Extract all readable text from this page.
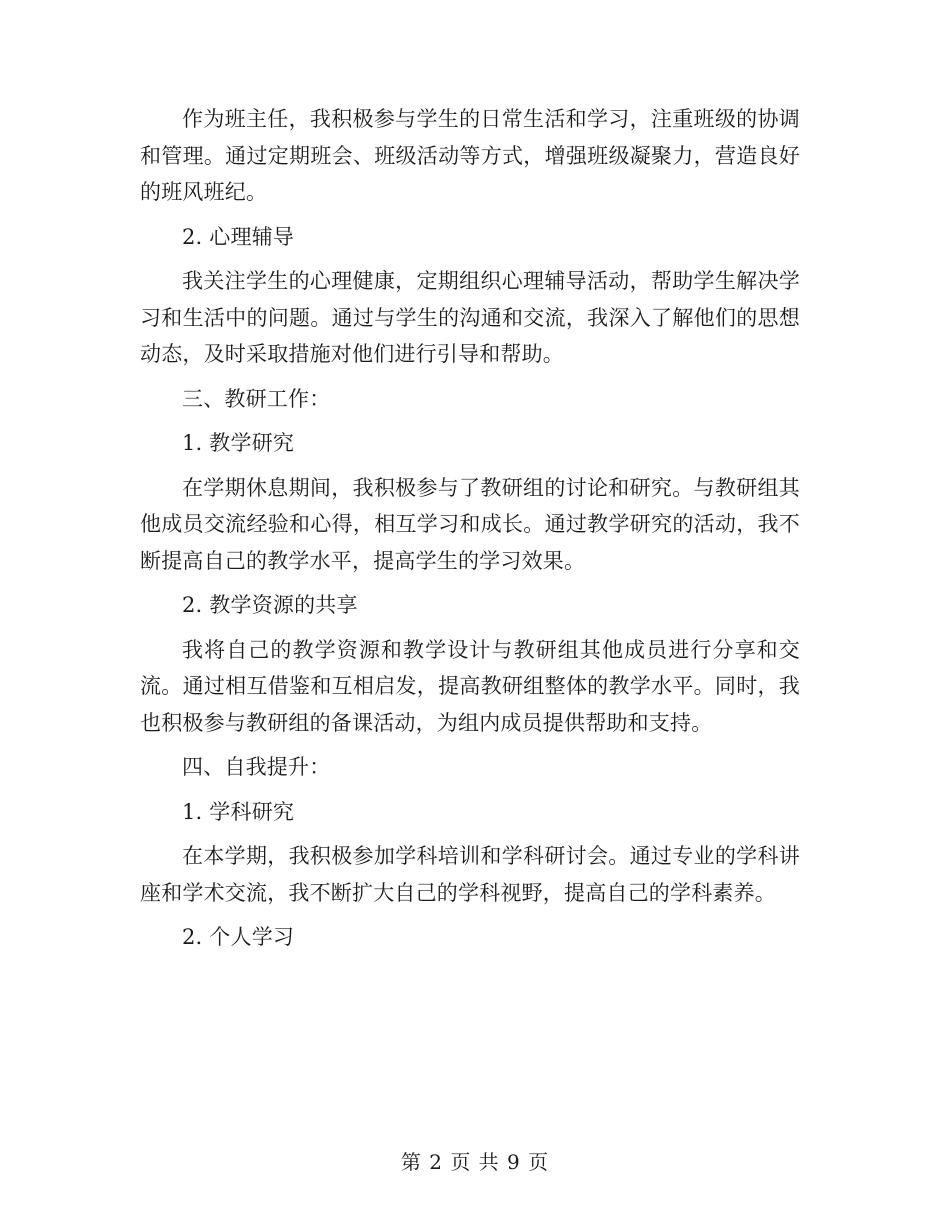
作为班主任，我积极参与学生的日常生活和学习，注重班级的协调和管理。通过定期班会、班级活动等方式，增强班级凝聚力，营造良好的班风班纪。

2. 心理辅导

我关注学生的心理健康，定期组织心理辅导活动，帮助学生解决学习和生活中的问题。通过与学生的沟通和交流，我深入了解他们的思想动态，及时采取措施对他们进行引导和帮助。

三、教研工作：

1. 教学研究

在学期休息期间，我积极参与了教研组的讨论和研究。与教研组其他成员交流经验和心得，相互学习和成长。通过教学研究的活动，我不断提高自己的教学水平，提高学生的学习效果。

2. 教学资源的共享

我将自己的教学资源和教学设计与教研组其他成员进行分享和交流。通过相互借鉴和互相启发，提高教研组整体的教学水平。同时，我也积极参与教研组的备课活动，为组内成员提供帮助和支持。

四、自我提升：

1. 学科研究

在本学期，我积极参加学科培训和学科研讨会。通过专业的学科讲座和学术交流，我不断扩大自己的学科视野，提高自己的学科素养。

2. 个人学习

第 2 页 共 9 页
